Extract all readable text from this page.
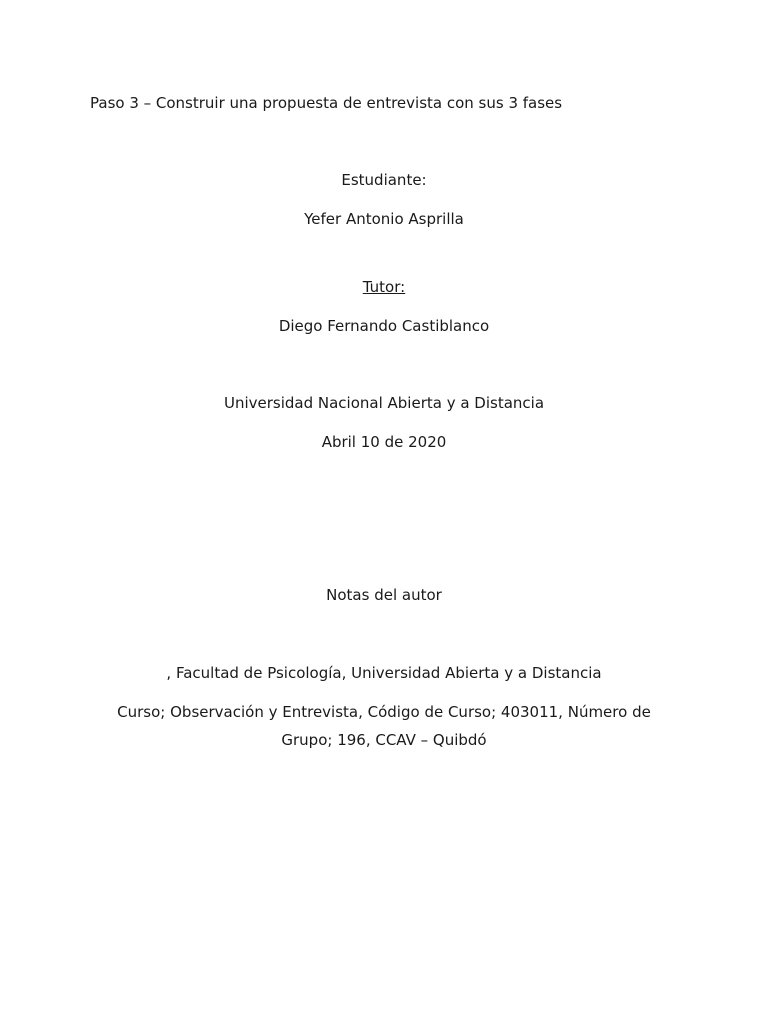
Paso 3 – Construir una propuesta de entrevista con sus 3 fases

Estudiante:

Yefer Antonio Asprilla

Tutor:

Diego Fernando Castiblanco

Universidad Nacional Abierta y a Distancia

Abril 10 de 2020

Notas del autor

, Facultad de Psicología, Universidad Abierta y a Distancia

Curso; Observación y Entrevista, Código de Curso; 403011, Número de Grupo; 196, CCAV – Quibdó
